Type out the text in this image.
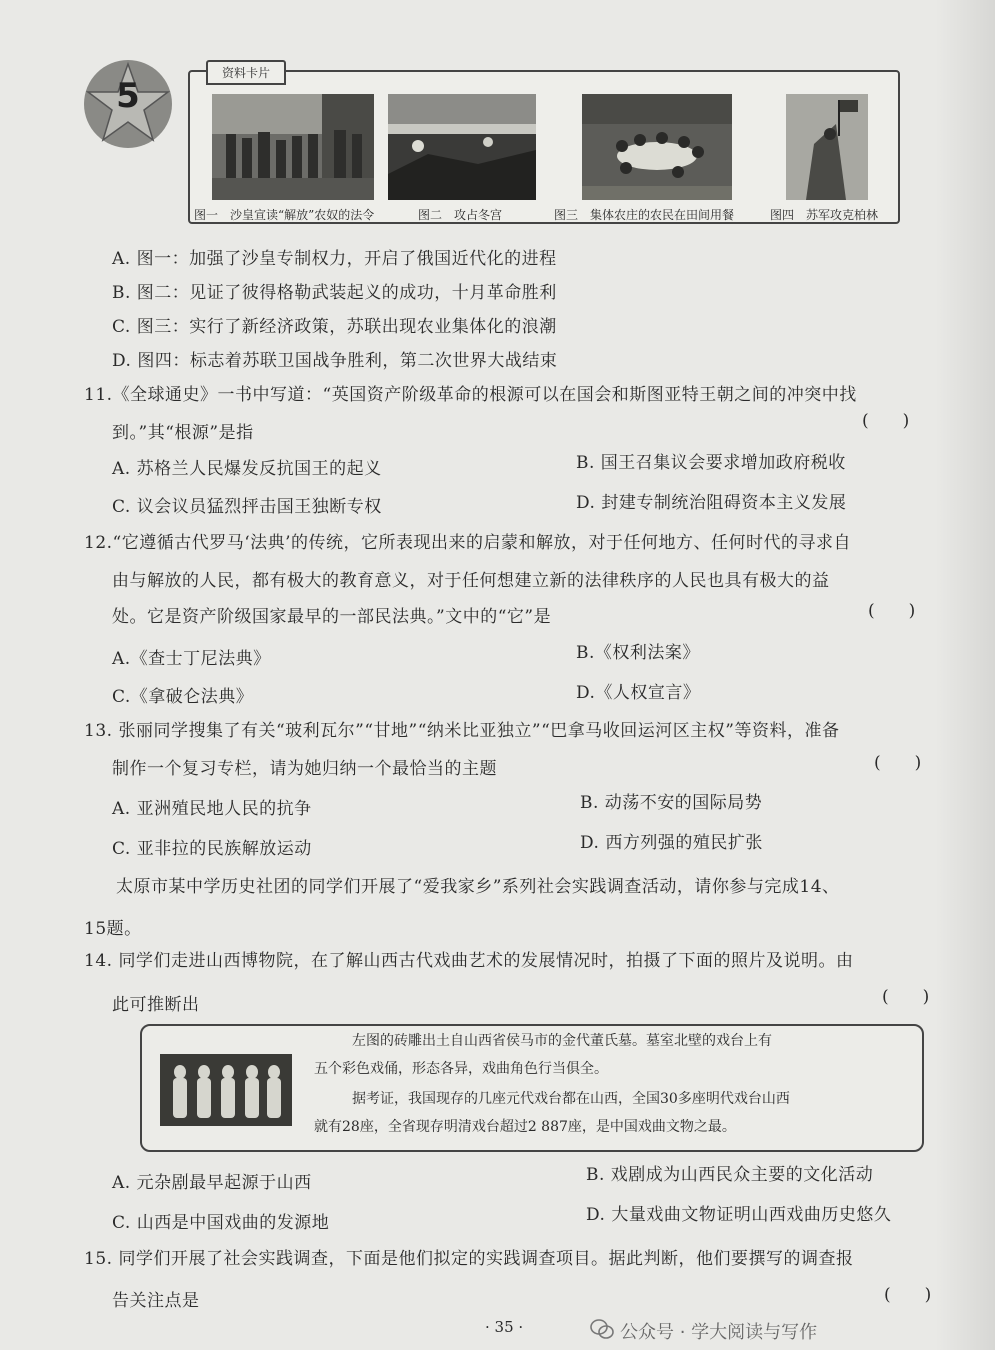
5
资料卡片
图一　沙皇宣读“解放”农奴的法令	图二　攻占冬宫	图三　集体农庄的农民在田间用餐	图四　苏军攻克柏林
A. 图一：加强了沙皇专制权力，开启了俄国近代化的进程
B. 图二：见证了彼得格勒武装起义的成功，十月革命胜利
C. 图三：实行了新经济政策，苏联出现农业集体化的浪潮
D. 图四：标志着苏联卫国战争胜利，第二次世界大战结束
11.《全球通史》一书中写道：“英国资产阶级革命的根源可以在国会和斯图亚特王朝之间的冲突中找
到。”其“根源”是指
(　　)
A. 苏格兰人民爆发反抗国王的起义	B. 国王召集议会要求增加政府税收
C. 议会议员猛烈抨击国王独断专权	D. 封建专制统治阻碍资本主义发展
12.“它遵循古代罗马‘法典’的传统，它所表现出来的启蒙和解放，对于任何地方、任何时代的寻求自
由与解放的人民，都有极大的教育意义，对于任何想建立新的法律秩序的人民也具有极大的益
处。它是资产阶级国家最早的一部民法典。”文中的“它”是	(　　)
A.《查士丁尼法典》	B.《权利法案》
C.《拿破仑法典》	D.《人权宣言》
13. 张丽同学搜集了有关“玻利瓦尔”“甘地”“纳米比亚独立”“巴拿马收回运河区主权”等资料，准备
制作一个复习专栏，请为她归纳一个最恰当的主题	(　　)
A. 亚洲殖民地人民的抗争	B. 动荡不安的国际局势
C. 亚非拉的民族解放运动	D. 西方列强的殖民扩张
太原市某中学历史社团的同学们开展了“爱我家乡”系列社会实践调查活动，请你参与完成14、
15题。
14. 同学们走进山西博物院，在了解山西古代戏曲艺术的发展情况时，拍摄了下面的照片及说明。由
此可推断出	(　　)
左图的砖雕出土自山西省侯马市的金代董氏墓。墓室北壁的戏台上有
五个彩色戏俑，形态各异，戏曲角色行当俱全。
据考证，我国现存的几座元代戏台都在山西，全国30多座明代戏台山西
就有28座，全省现存明清戏台超过2 887座，是中国戏曲文物之最。
A. 元杂剧最早起源于山西	B. 戏剧成为山西民众主要的文化活动
C. 山西是中国戏曲的发源地	D. 大量戏曲文物证明山西戏曲历史悠久
15. 同学们开展了社会实践调查，下面是他们拟定的实践调查项目。据此判断，他们要撰写的调查报
告关注点是	(　　)
· 35 ·	公众号 · 学大阅读与写作
